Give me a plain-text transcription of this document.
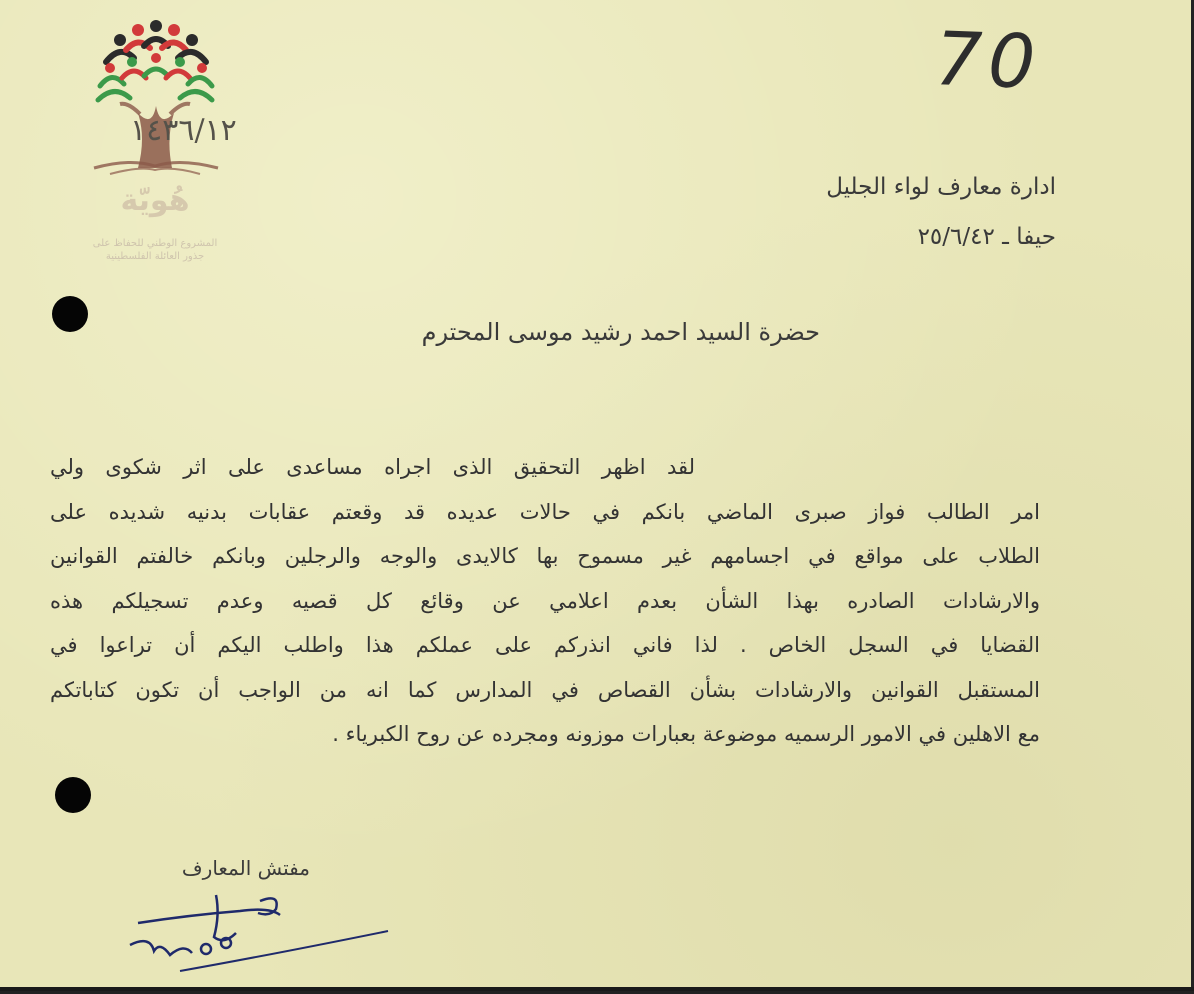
هُويّة
المشروع الوطني للحفاظ على
جذور العائلة الفلسطينية
١٤٣٦/١٢
70
ادارة معارف لواء الجليل
حيفا ـ ٢٥/٦/٤٢
حضرة السيد احمد رشيد موسى المحترم
لقد اظهر التحقيق الذى اجراه مساعدى على اثر شكوى ولي
امر الطالب فواز صبرى الماضي بانكم في حالات عديده قد وقعتم عقابات بدنيه شديده على
الطلاب على مواقع في اجسامهم غير مسموح بها كالايدى والوجه والرجلين وبانكم خالفتم القوانين
والارشادات الصادره بهذا الشأن بعدم اعلامي عن وقائع كل قصيه وعدم تسجيلكم هذه
القضايا في السجل الخاص . لذا فاني انذركم على عملكم هذا واطلب اليكم أن تراعوا في
المستقبل القوانين والارشادات بشأن القصاص في المدارس كما انه من الواجب أن تكون كتاباتكم
مع الاهلين في الامور الرسميه موضوعة بعبارات موزونه ومجرده عن روح الكبرياء .
مفتش المعارف
